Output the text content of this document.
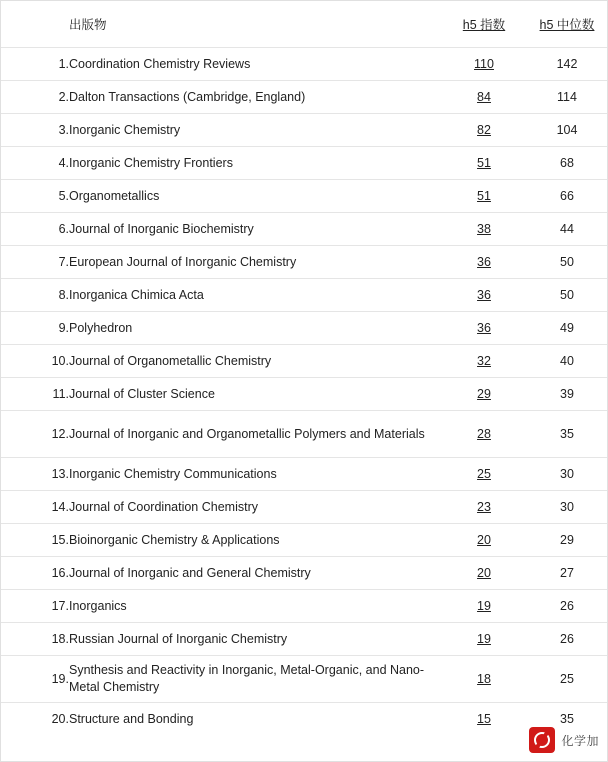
	出版物	h5 指数	h5 中位数
1.	Coordination Chemistry Reviews	110	142
2.	Dalton Transactions (Cambridge, England)	84	114
3.	Inorganic Chemistry	82	104
4.	Inorganic Chemistry Frontiers	51	68
5.	Organometallics	51	66
6.	Journal of Inorganic Biochemistry	38	44
7.	European Journal of Inorganic Chemistry	36	50
8.	Inorganica Chimica Acta	36	50
9.	Polyhedron	36	49
10.	Journal of Organometallic Chemistry	32	40
11.	Journal of Cluster Science	29	39
12.	Journal of Inorganic and Organometallic Polymers and Materials	28	35
13.	Inorganic Chemistry Communications	25	30
14.	Journal of Coordination Chemistry	23	30
15.	Bioinorganic Chemistry & Applications	20	29
16.	Journal of Inorganic and General Chemistry	20	27
17.	Inorganics	19	26
18.	Russian Journal of Inorganic Chemistry	19	26
19.	Synthesis and Reactivity in Inorganic, Metal-Organic, and Nano-Metal Chemistry	18	25
20.	Structure and Bonding	15	35
化学加
